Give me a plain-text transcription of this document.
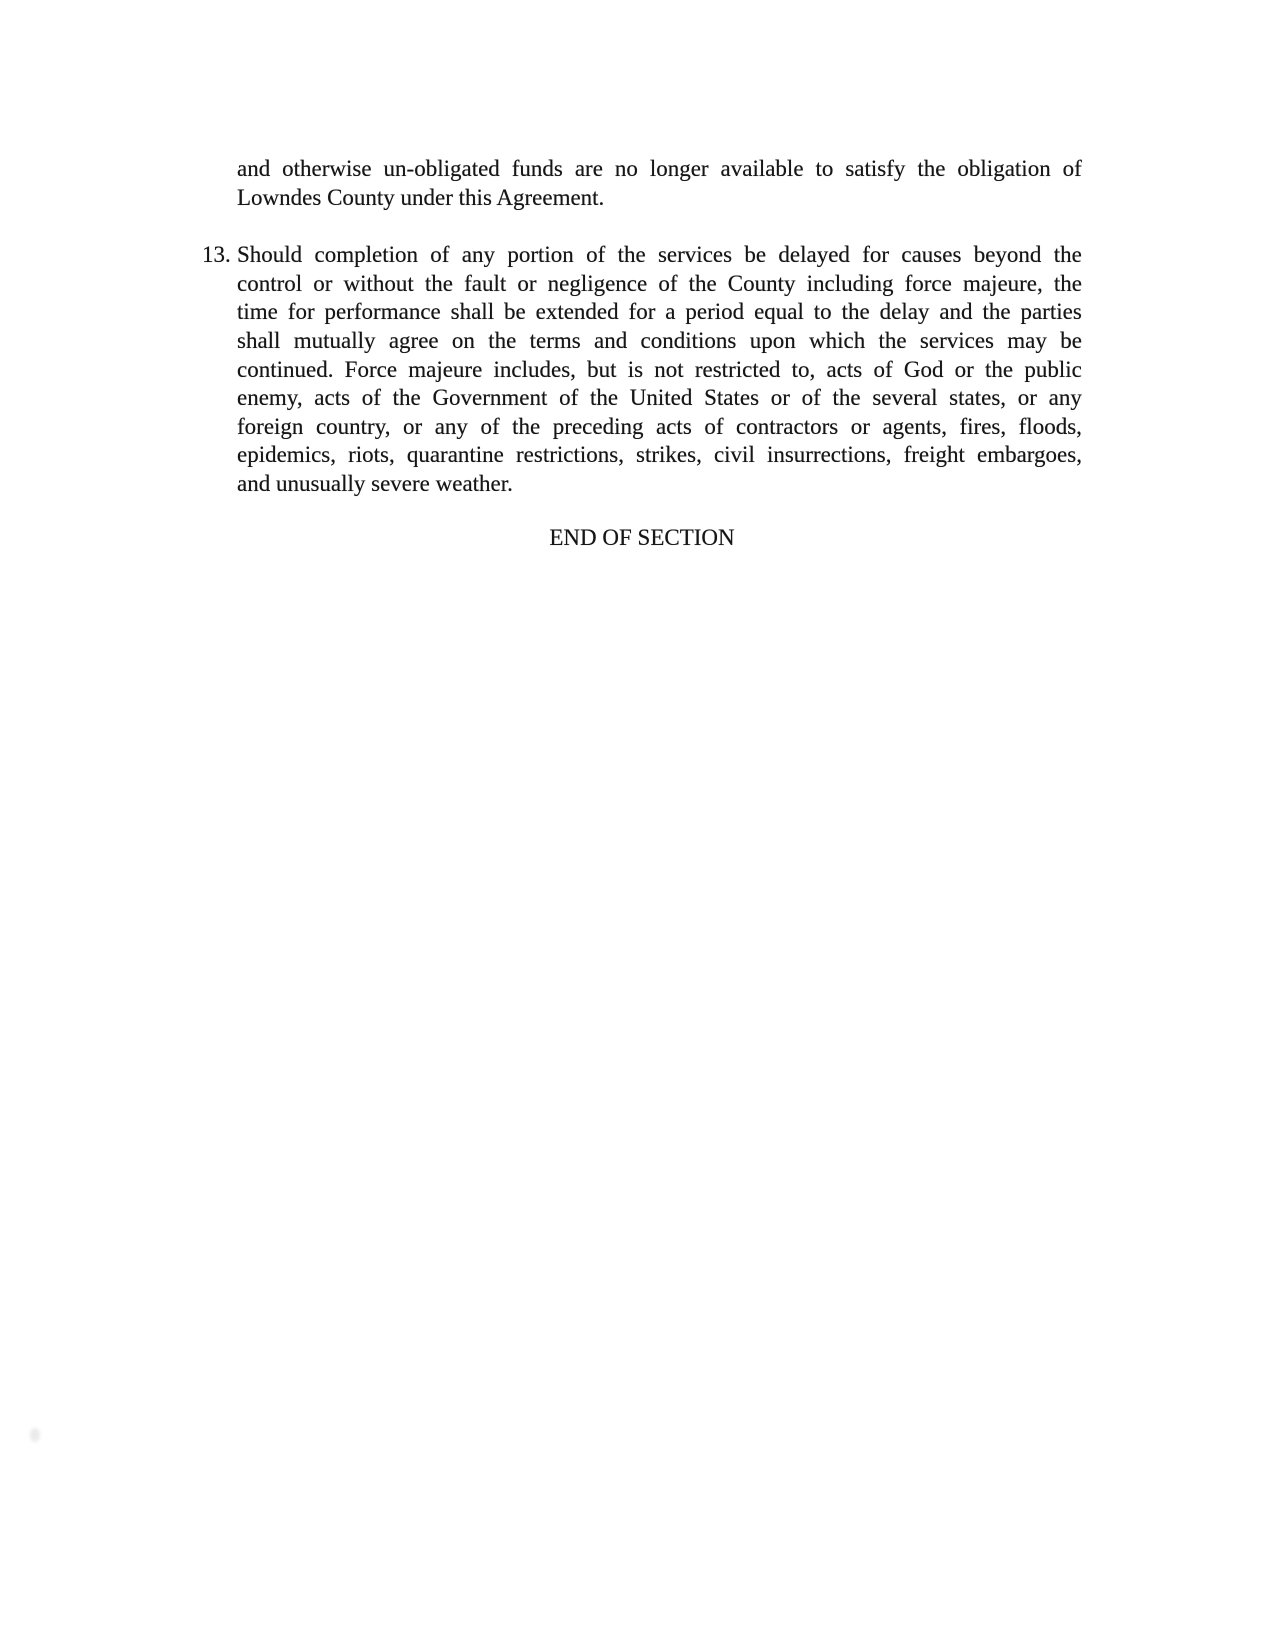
and otherwise un-obligated funds are no longer available to satisfy the obligation of
Lowndes County under this Agreement.
13. Should completion of any portion of the services be delayed for causes beyond the
control or without the fault or negligence of the County including force majeure, the
time for performance shall be extended for a period equal to the delay and the parties
shall mutually agree on the terms and conditions upon which the services may be
continued. Force majeure includes, but is not restricted to, acts of God or the public
enemy, acts of the Government of the United States or of the several states, or any
foreign country, or any of the preceding acts of contractors or agents, fires, floods,
epidemics, riots, quarantine restrictions, strikes, civil insurrections, freight embargoes,
and unusually severe weather.
END OF SECTION
